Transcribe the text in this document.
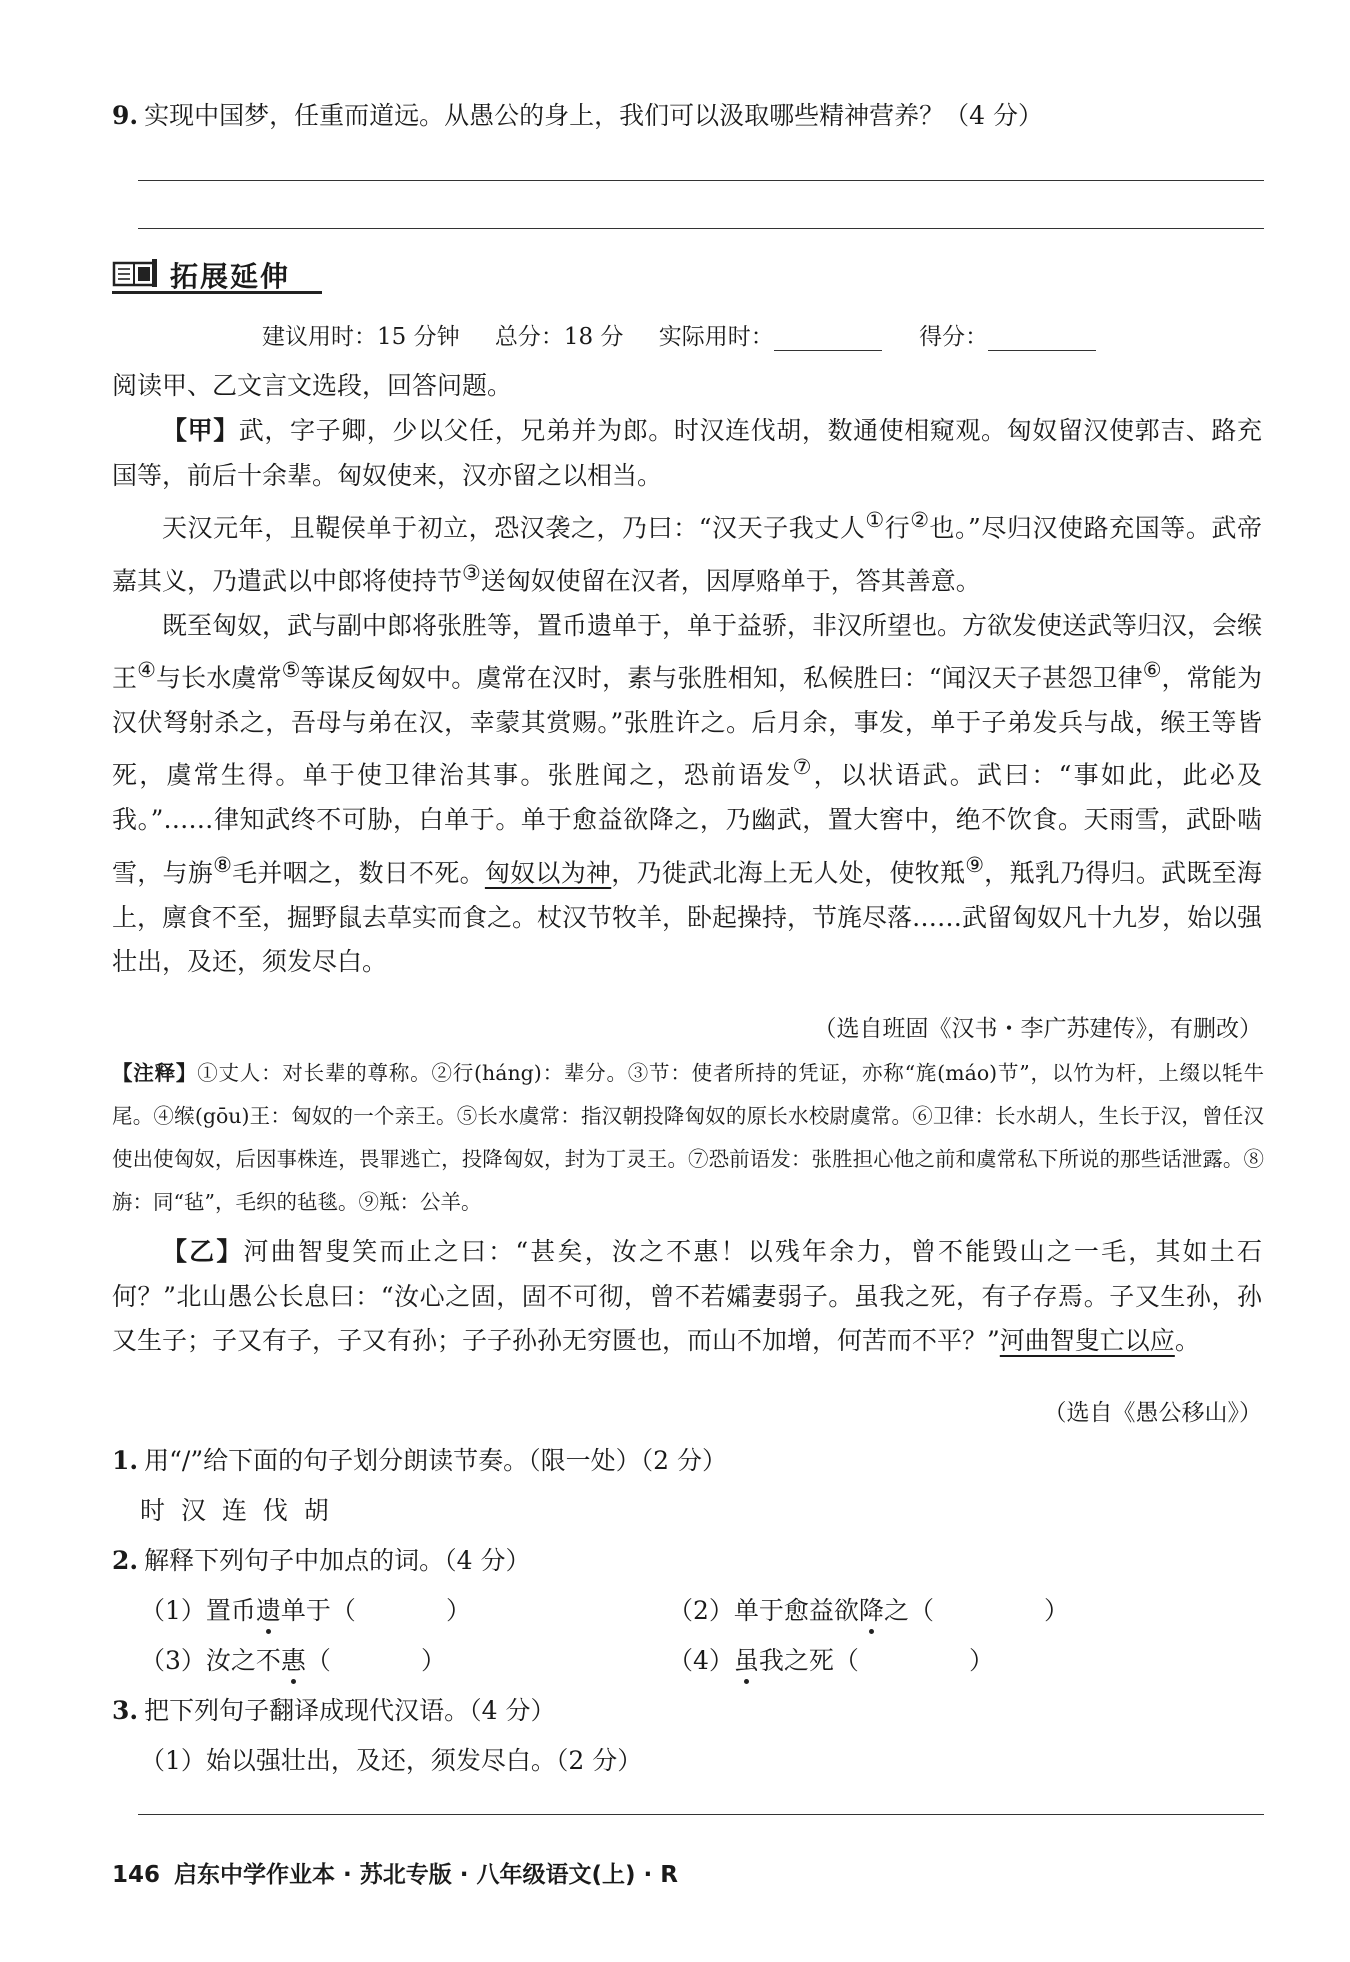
9. 实现中国梦，任重而道远。从愚公的身上，我们可以汲取哪些精神营养？（4 分）
拓展延伸
建议用时：15 分钟 总分：18 分 实际用时：	得分：
阅读甲、乙文言文选段，回答问题。

【甲】武，字子卿，少以父任，兄弟并为郎。时汉连伐胡，数通使相窥观。匈奴留汉使郭吉、路充国等，前后十余辈。匈奴使来，汉亦留之以相当。

天汉元年，且鞮侯单于初立，恐汉袭之，乃曰：“汉天子我丈人①行②也。”尽归汉使路充国等。武帝嘉其义，乃遣武以中郎将使持节③送匈奴使留在汉者，因厚赂单于，答其善意。

既至匈奴，武与副中郎将张胜等，置币遗单于，单于益骄，非汉所望也。方欲发使送武等归汉，会缑王④与长水虞常⑤等谋反匈奴中。虞常在汉时，素与张胜相知，私候胜曰：“闻汉天子甚怨卫律⑥，常能为汉伏弩射杀之，吾母与弟在汉，幸蒙其赏赐。”张胜许之。后月余，事发，单于子弟发兵与战，缑王等皆死，虞常生得。单于使卫律治其事。张胜闻之，恐前语发⑦，以状语武。武曰：“事如此，此必及我。”……律知武终不可胁，白单于。单于愈益欲降之，乃幽武，置大窖中，绝不饮食。天雨雪，武卧啮雪，与旃⑧毛并咽之，数日不死。匈奴以为神，乃徙武北海上无人处，使牧羝⑨，羝乳乃得归。武既至海上，廪食不至，掘野鼠去草实而食之。杖汉节牧羊，卧起操持，节旄尽落……武留匈奴凡十九岁，始以强壮出，及还，须发尽白。

（选自班固《汉书・李广苏建传》，有删改）
【注释】①丈人：对长辈的尊称。②行(háng)：辈分。③节：使者所持的凭证，亦称“旄(máo)节”，以竹为杆，上缀以牦牛尾。④缑(gōu)王：匈奴的一个亲王。⑤长水虞常：指汉朝投降匈奴的原长水校尉虞常。⑥卫律：长水胡人，生长于汉，曾任汉使出使匈奴，后因事株连，畏罪逃亡，投降匈奴，封为丁灵王。⑦恐前语发：张胜担心他之前和虞常私下所说的那些话泄露。⑧旃：同“毡”，毛织的毡毯。⑨羝：公羊。

【乙】河曲智叟笑而止之曰：“甚矣，汝之不惠！以残年余力，曾不能毁山之一毛，其如土石何？”北山愚公长息曰：“汝心之固，固不可彻，曾不若孀妻弱子。虽我之死，有子存焉。子又生孙，孙又生子；子又有子，子又有孙；子子孙孙无穷匮也，而山不加增，何苦而不平？”河曲智叟亡以应。

（选自《愚公移山》）
1. 用“/”给下面的句子划分朗读节奏。（限一处）（2 分）
时 汉 连 伐 胡
2. 解释下列句子中加点的词。（4 分）
（1）置币遗单于（	）	（2）单于愈益欲降之（	）
（3）汝之不惠（	）	（4）虽我之死（	）
3. 把下列句子翻译成现代汉语。（4 分）
（1）始以强壮出，及还，须发尽白。（2 分）
146 启东中学作业本 · 苏北专版 · 八年级语文(上) · R
